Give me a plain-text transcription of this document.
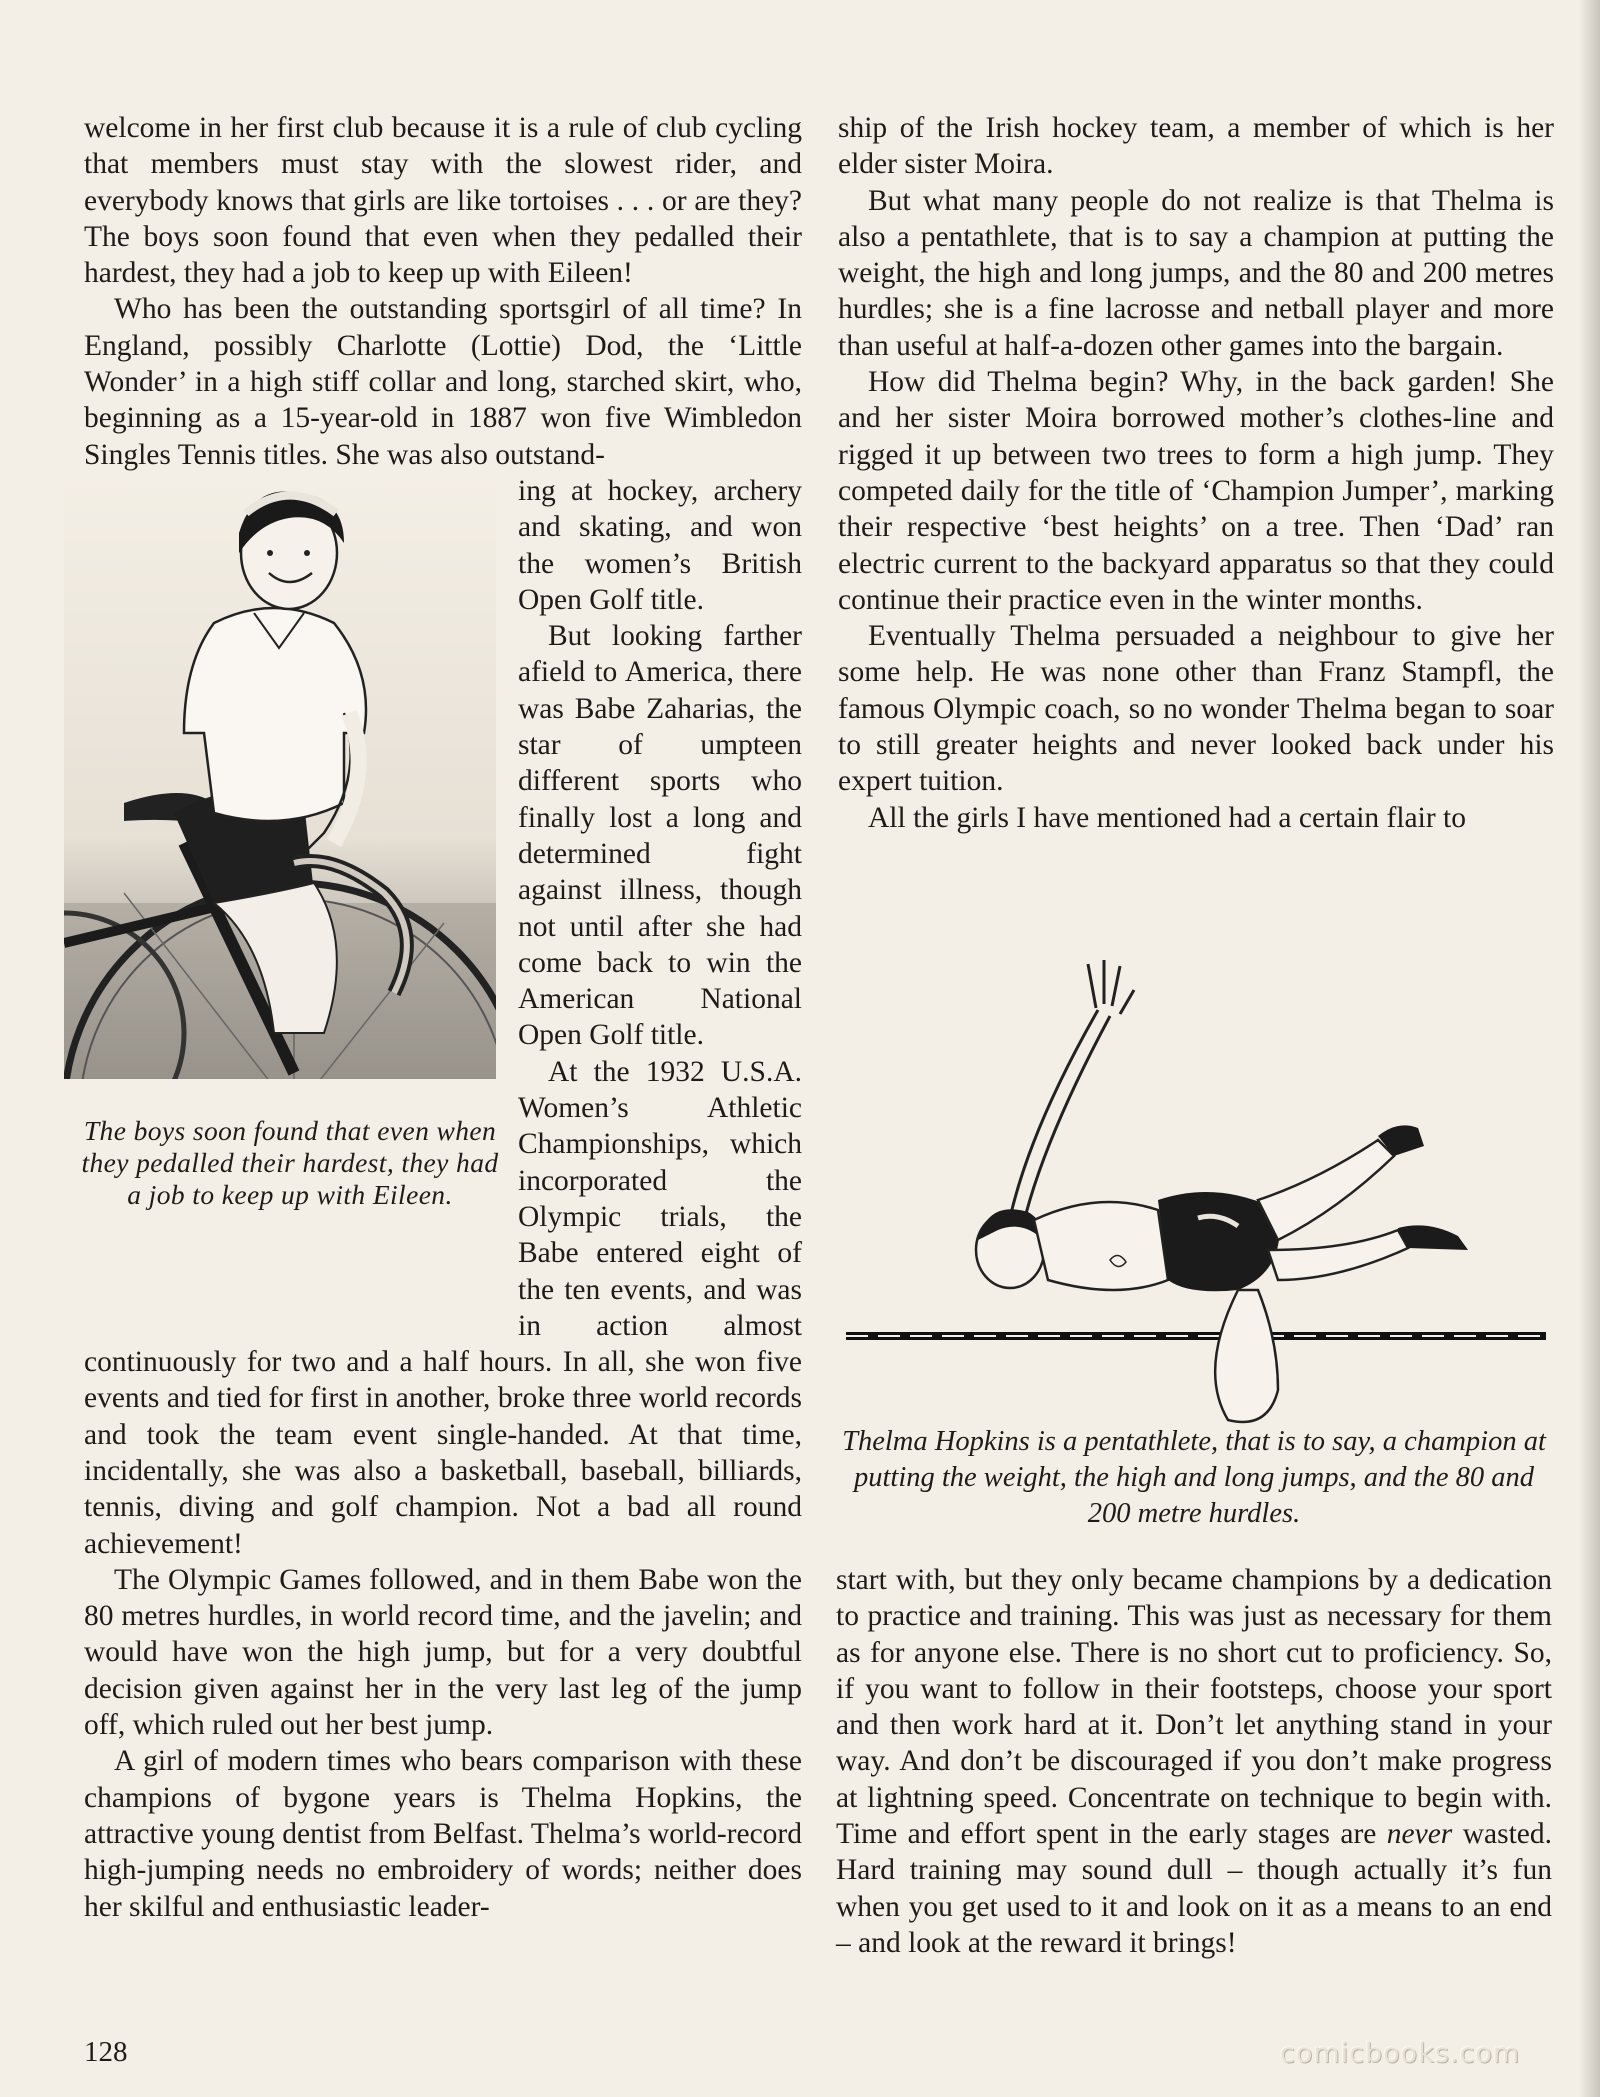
welcome in her first club because it is a rule of club cycling that members must stay with the slowest rider, and everybody knows that girls are like tortoises . . . or are they? The boys soon found that even when they pedalled their hardest, they had a job to keep up with Eileen!

Who has been the outstanding sportsgirl of all time? In England, possibly Charlotte (Lottie) Dod, the ‘Little Wonder’ in a high stiff collar and long, starched skirt, who, beginning as a 15-year-old in 1887 won five Wimbledon Singles Tennis titles. She was also outstand-

The boys soon found that even when they pedalled their hardest, they had a job to keep up with Eileen.

ing at hockey, archery and skating, and won the women’s British Open Golf title.

But looking farther afield to America, there was Babe Zaharias, the star of umpteen different sports who finally lost a long and determined fight against illness, though not until after she had come back to win the American National Open Golf title.

At the 1932 U.S.A. Women’s Athletic Championships, which incorporated the Olympic trials, the Babe entered eight of the ten events, and was in action almost continuously for two and a half hours. In all, she won five events and tied for first in another, broke three world records and took the team event single-handed. At that time, incidentally, she was also a basketball, baseball, billiards, tennis, diving and golf champion. Not a bad all round achievement!

The Olympic Games followed, and in them Babe won the 80 metres hurdles, in world record time, and the javelin; and would have won the high jump, but for a very doubtful decision given against her in the very last leg of the jump off, which ruled out her best jump.

A girl of modern times who bears comparison with these champions of bygone years is Thelma Hopkins, the attractive young dentist from Belfast. Thelma’s world-record high-jumping needs no embroidery of words; neither does her skilful and enthusiastic leader-

ship of the Irish hockey team, a member of which is her elder sister Moira.

But what many people do not realize is that Thelma is also a pentathlete, that is to say a champion at putting the weight, the high and long jumps, and the 80 and 200 metres hurdles; she is a fine lacrosse and netball player and more than useful at half-a-dozen other games into the bargain.

How did Thelma begin? Why, in the back garden! She and her sister Moira borrowed mother’s clothes-line and rigged it up between two trees to form a high jump. They competed daily for the title of ‘Champion Jumper’, marking their respective ‘best heights’ on a tree. Then ‘Dad’ ran electric current to the backyard apparatus so that they could continue their practice even in the winter months.

Eventually Thelma persuaded a neighbour to give her some help. He was none other than Franz Stampfl, the famous Olympic coach, so no wonder Thelma began to soar to still greater heights and never looked back under his expert tuition.

All the girls I have mentioned had a certain flair to

Thelma Hopkins is a pentathlete, that is to say, a champion at putting the weight, the high and long jumps, and the 80 and 200 metre hurdles.

start with, but they only became champions by a dedication to practice and training. This was just as necessary for them as for anyone else. There is no short cut to proficiency. So, if you want to follow in their footsteps, choose your sport and then work hard at it. Don’t let anything stand in your way. And don’t be discouraged if you don’t make progress at lightning speed. Concentrate on technique to begin with. Time and effort spent in the early stages are never wasted. Hard training may sound dull – though actually it’s fun when you get used to it and look on it as a means to an end – and look at the reward it brings!

128	comicbooks.com
